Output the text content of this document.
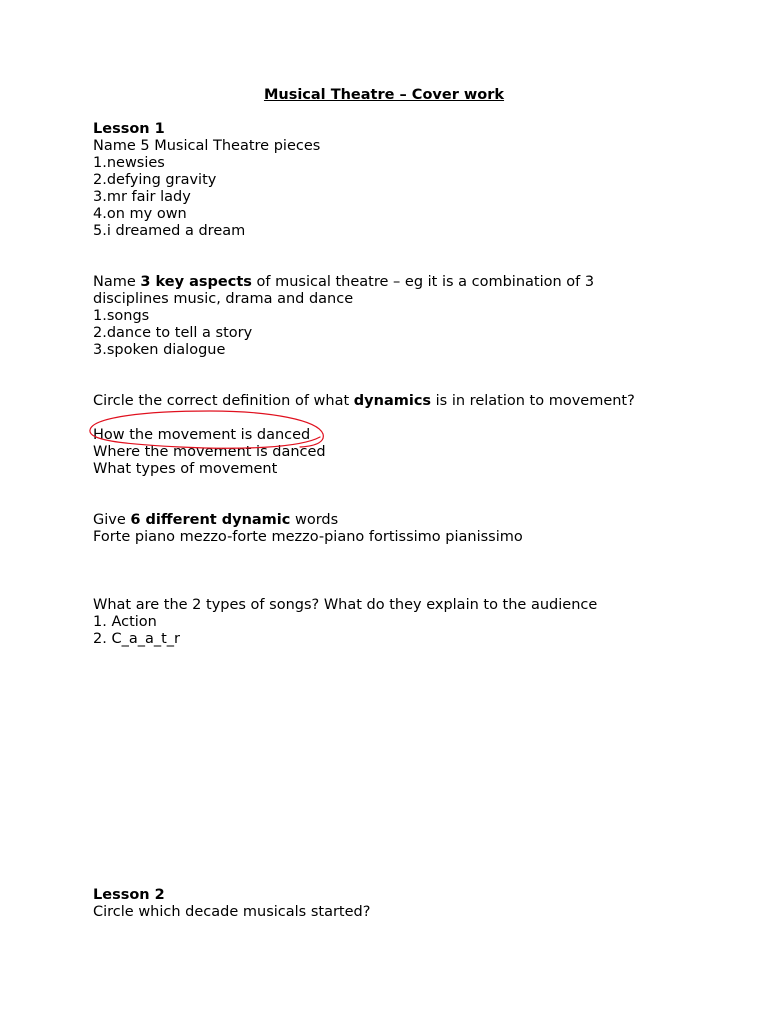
Musical Theatre – Cover work
Lesson 1
Name 5 Musical Theatre pieces
1.newsies
2.defying gravity
3.mr fair lady
4.on my own
5.i dreamed a dream
Name 3 key aspects of musical theatre – eg it is a combination of 3
disciplines music, drama and dance
1.songs
2.dance to tell a story
3.spoken dialogue
Circle the correct definition of what dynamics is in relation to movement?
How the movement is danced
Where the movement is danced
What types of movement
Give 6 different dynamic words
Forte piano mezzo-forte mezzo-piano fortissimo pianissimo
What are the 2 types of songs? What do they explain to the audience
1. Action
2. C_a_a_t_r
Lesson 2
Circle which decade musicals started?
